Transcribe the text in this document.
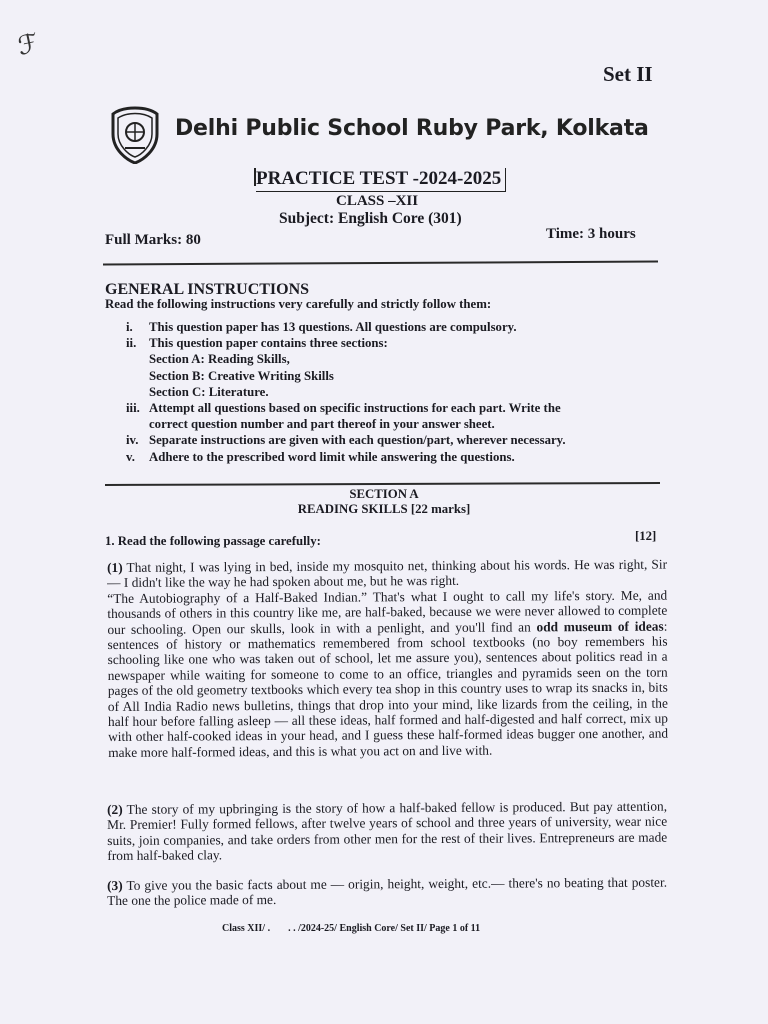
ℱ
Set II
Delhi Public School Ruby Park, Kolkata
PRACTICE TEST -2024-2025
CLASS –XII
Subject: English Core (301)
Full Marks: 80	Time: 3 hours
GENERAL INSTRUCTIONS
Read the following instructions very carefully and strictly follow them:
i.	This question paper has 13 questions. All questions are compulsory.
ii. This question paper contains three sections:
Section A: Reading Skills,
Section B: Creative Writing Skills
Section C: Literature.
iii. Attempt all questions based on specific instructions for each part. Write the
correct question number and part thereof in your answer sheet.
iv. Separate instructions are given with each question/part, wherever necessary.
v.	Adhere to the prescribed word limit while answering the questions.
SECTION A
READING SKILLS [22 marks]
1. Read the following passage carefully:	[12]

(1) That night, I was lying in bed, inside my mosquito net, thinking about his words. He was right, Sir — I didn't like the way he had spoken about me, but he was right.

“The Autobiography of a Half-Baked Indian.” That's what I ought to call my life's story. Me, and thousands of others in this country like me, are half-baked, because we were never allowed to complete our schooling. Open our skulls, look in with a penlight, and you'll find an odd museum of ideas: sentences of history or mathematics remembered from school textbooks (no boy remembers his schooling like one who was taken out of school, let me assure you), sentences about politics read in a newspaper while waiting for someone to come to an office, triangles and pyramids seen on the torn pages of the old geometry textbooks which every tea shop in this country uses to wrap its snacks in, bits of All India Radio news bulletins, things that drop into your mind, like lizards from the ceiling, in the half hour before falling asleep — all these ideas, half formed and half-digested and half correct, mix up with other half-cooked ideas in your head, and I guess these half-formed ideas bugger one another, and make more half-formed ideas, and this is what you act on and live with.

(2) The story of my upbringing is the story of how a half-baked fellow is produced. But pay attention, Mr. Premier! Fully formed fellows, after twelve years of school and three years of university, wear nice suits, join companies, and take orders from other men for the rest of their lives. Entrepreneurs are made from half-baked clay.

(3) To give you the basic facts about me — origin, height, weight, etc.— there's no beating that poster. The one the police made of me.

Class XII/ . . . /2024-25/ English Core/ Set II/ Page 1 of 11
